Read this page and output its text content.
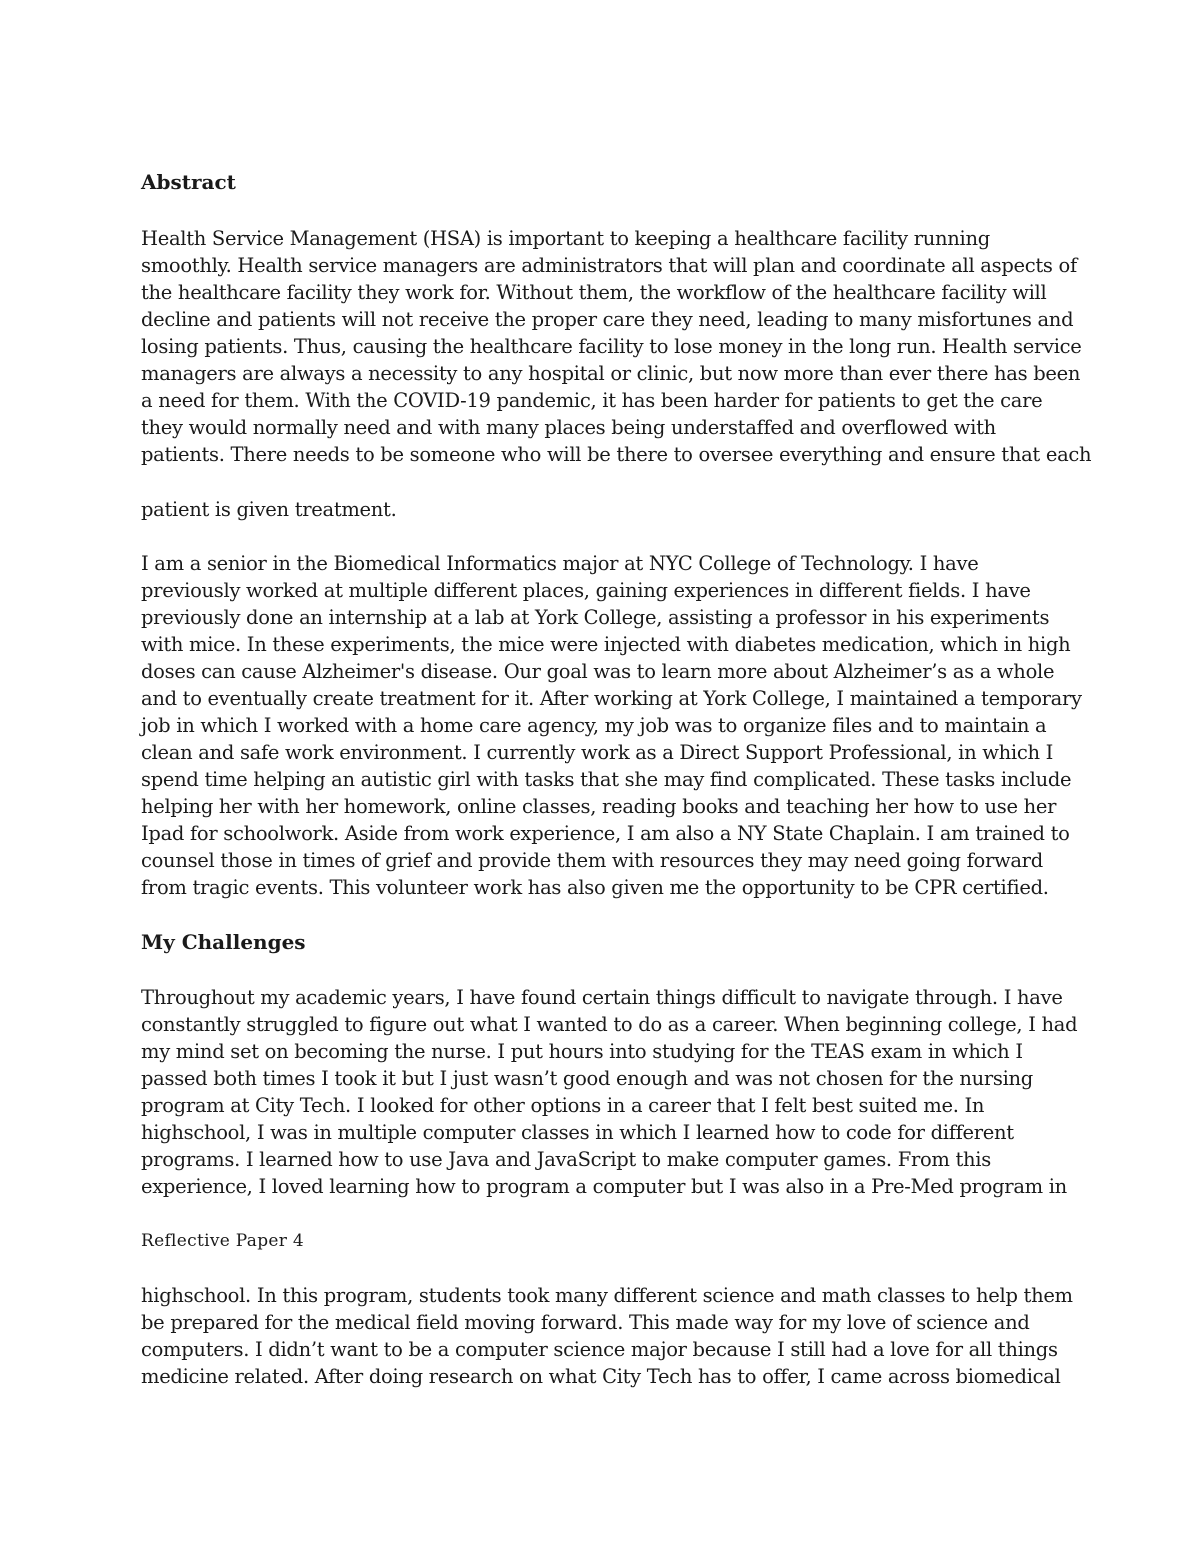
Abstract
Health Service Management (HSA) is important to keeping a healthcare facility running
smoothly. Health service managers are administrators that will plan and coordinate all aspects of
the healthcare facility they work for. Without them, the workflow of the healthcare facility will
decline and patients will not receive the proper care they need, leading to many misfortunes and
losing patients. Thus, causing the healthcare facility to lose money in the long run. Health service
managers are always a necessity to any hospital or clinic, but now more than ever there has been
a need for them. With the COVID-19 pandemic, it has been harder for patients to get the care
they would normally need and with many places being understaffed and overflowed with
patients. There needs to be someone who will be there to oversee everything and ensure that each
patient is given treatment.
I am a senior in the Biomedical Informatics major at NYC College of Technology. I have
previously worked at multiple different places, gaining experiences in different fields. I have
previously done an internship at a lab at York College, assisting a professor in his experiments
with mice. In these experiments, the mice were injected with diabetes medication, which in high
doses can cause Alzheimer's disease. Our goal was to learn more about Alzheimer’s as a whole
and to eventually create treatment for it. After working at York College, I maintained a temporary
job in which I worked with a home care agency, my job was to organize files and to maintain a
clean and safe work environment. I currently work as a Direct Support Professional, in which I
spend time helping an autistic girl with tasks that she may find complicated. These tasks include
helping her with her homework, online classes, reading books and teaching her how to use her
Ipad for schoolwork. Aside from work experience, I am also a NY State Chaplain. I am trained to
counsel those in times of grief and provide them with resources they may need going forward
from tragic events. This volunteer work has also given me the opportunity to be CPR certified.
My Challenges
Throughout my academic years, I have found certain things difficult to navigate through. I have
constantly struggled to figure out what I wanted to do as a career. When beginning college, I had
my mind set on becoming the nurse. I put hours into studying for the TEAS exam in which I
passed both times I took it but I just wasn’t good enough and was not chosen for the nursing
program at City Tech. I looked for other options in a career that I felt best suited me. In
highschool, I was in multiple computer classes in which I learned how to code for different
programs. I learned how to use Java and JavaScript to make computer games. From this
experience, I loved learning how to program a computer but I was also in a Pre-Med program in
Reflective Paper 4
highschool. In this program, students took many different science and math classes to help them
be prepared for the medical field moving forward. This made way for my love of science and
computers. I didn’t want to be a computer science major because I still had a love for all things
medicine related. After doing research on what City Tech has to offer, I came across biomedical
